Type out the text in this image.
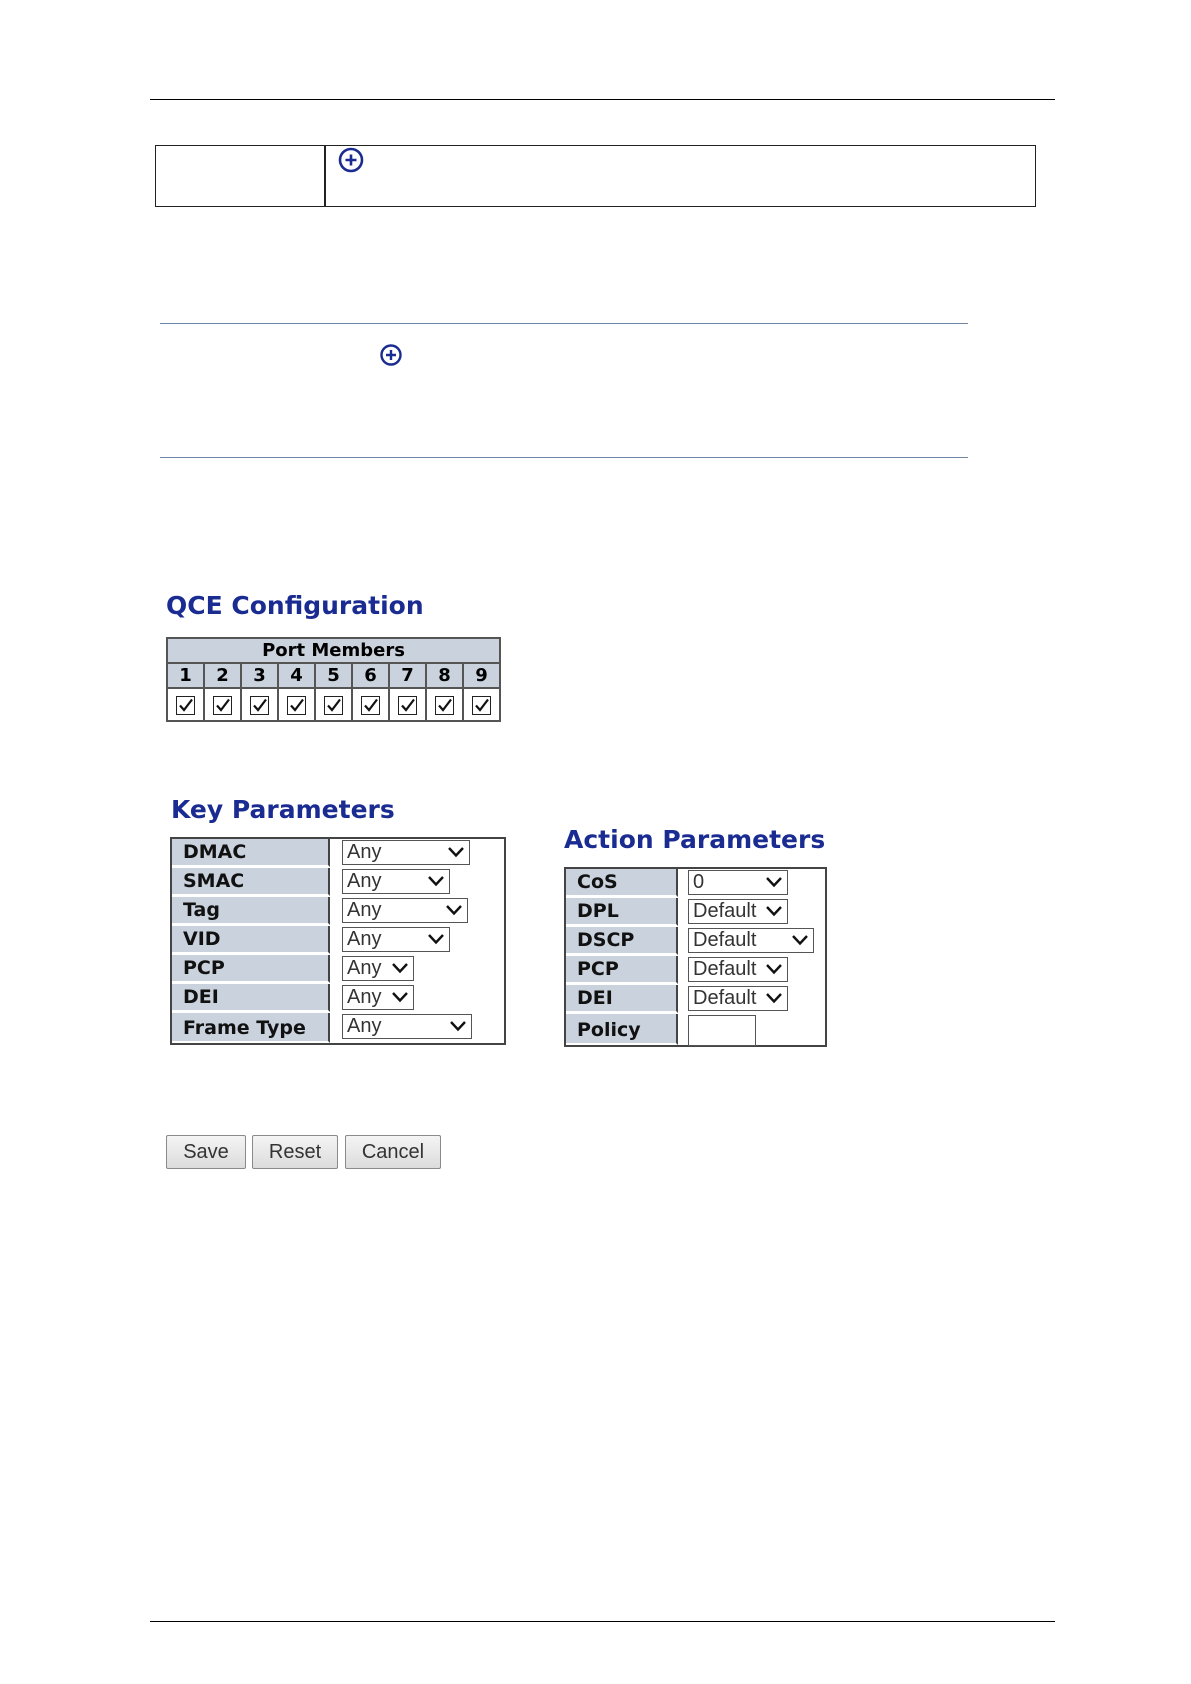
QCE Configuration
Port Members								
1	2	3	4	5	6	7	8	9

Key Parameters
DMAC	Any
SMAC	Any
Tag	Any
VID	Any
PCP	Any
DEI	Any
Frame Type	Any
Action Parameters
CoS	0
DPL	Default
DSCP	Default
PCP	Default
DEI	Default
Policy
Save	Reset	Cancel
